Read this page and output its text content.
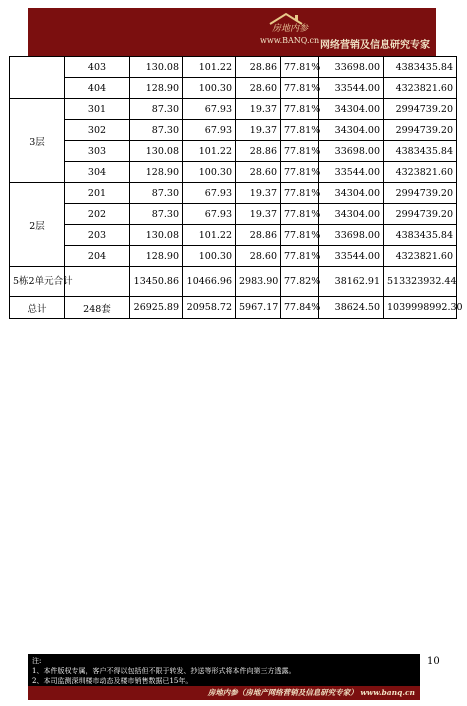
房地内参
www.BANQ.cn 网络营销及信息研究专家
	403	130.08	101.22	28.86	77.81%	33698.00	4383435.84
	404	128.90	100.30	28.60	77.81%	33544.00	4323821.60
3层	301	87.30	67.93	19.37	77.81%	34304.00	2994739.20
	302	87.30	67.93	19.37	77.81%	34304.00	2994739.20
	303	130.08	101.22	28.86	77.81%	33698.00	4383435.84
	304	128.90	100.30	28.60	77.81%	33544.00	4323821.60
2层	201	87.30	67.93	19.37	77.81%	34304.00	2994739.20
	202	87.30	67.93	19.37	77.81%	34304.00	2994739.20
	203	130.08	101.22	28.86	77.81%	33698.00	4383435.84
	204	128.90	100.30	28.60	77.81%	33544.00	4323821.60
5栋2单元合计		13450.86	10466.96	2983.90	77.82%	38162.91	513323932.44
总计	248套	26925.89	20958.72	5967.17	77.84%	38624.50	1039998992.30
10
注:
1、本件版权专属，客户不得以包括但不限于转发、抄送等形式将本件向第三方透露。
2、本司监测深圳楼市动态及楼市销售数据已15年。
房地内参（房地产网络营销及信息研究专家） www.banq.cn
